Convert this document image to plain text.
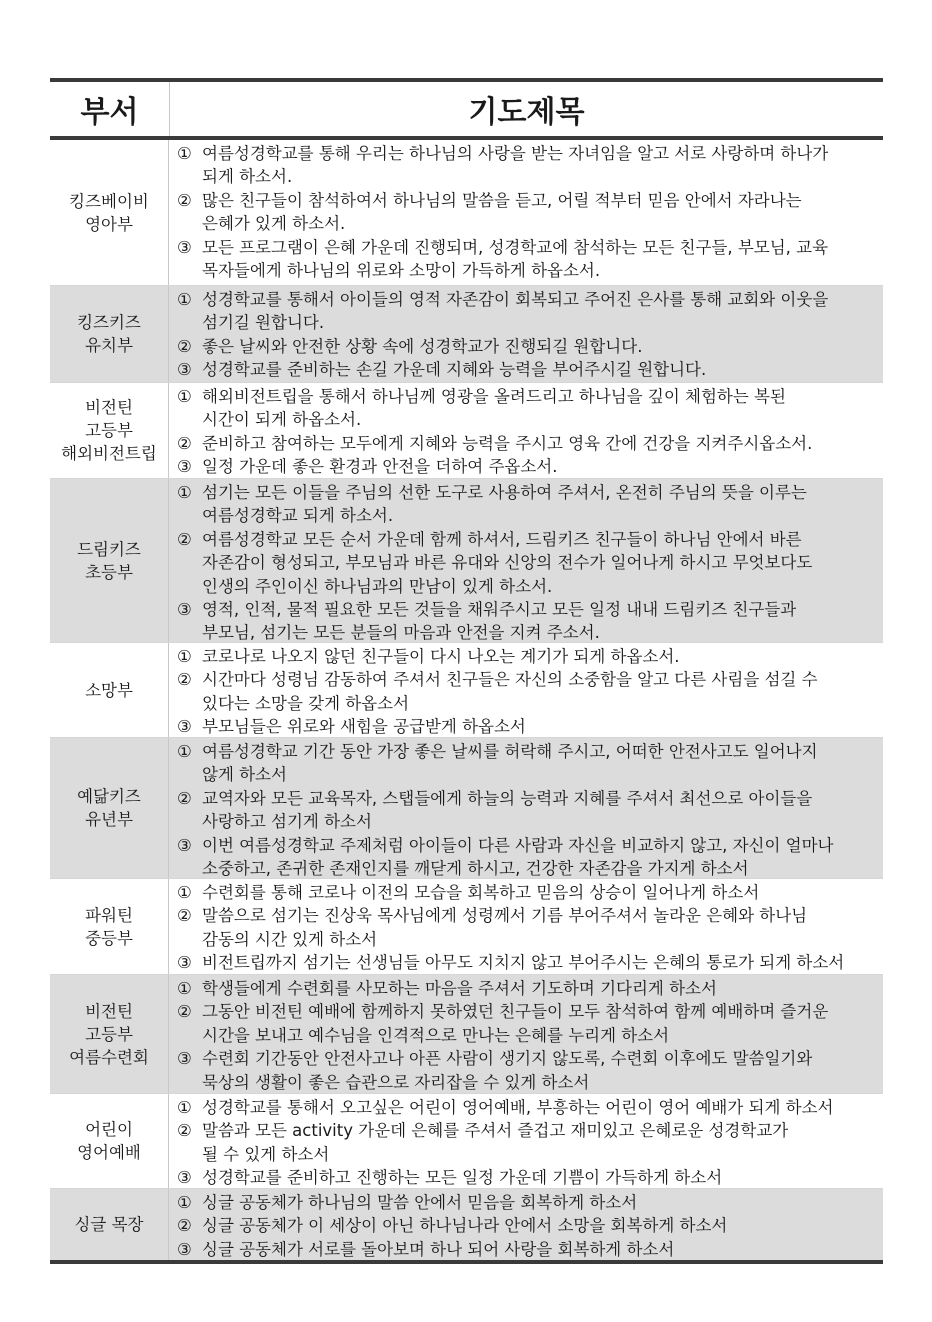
부서	기도제목
킹즈베이비
영아부
① 여름성경학교를 통해 우리는 하나님의 사랑을 받는 자녀임을 알고 서로 사랑하며 하나가
되게 하소서.
② 많은 친구들이 참석하여서 하나님의 말씀을 듣고, 어릴 적부터 믿음 안에서 자라나는
은혜가 있게 하소서.
③ 모든 프로그램이 은혜 가운데 진행되며, 성경학교에 참석하는 모든 친구들, 부모님, 교육
목자들에게 하나님의 위로와 소망이 가득하게 하옵소서.
킹즈키즈
유치부
① 성경학교를 통해서 아이들의 영적 자존감이 회복되고 주어진 은사를 통해 교회와 이웃을
섬기길 원합니다.
② 좋은 날씨와 안전한 상황 속에 성경학교가 진행되길 원합니다.
③ 성경학교를 준비하는 손길 가운데 지혜와 능력을 부어주시길 원합니다.
비전틴
고등부
해외비전트립
① 해외비전트립을 통해서 하나님께 영광을 올려드리고 하나님을 깊이 체험하는 복된
시간이 되게 하옵소서.
② 준비하고 참여하는 모두에게 지혜와 능력을 주시고 영육 간에 건강을 지켜주시옵소서.
③ 일정 가운데 좋은 환경과 안전을 더하여 주옵소서.
드림키즈
초등부
① 섬기는 모든 이들을 주님의 선한 도구로 사용하여 주셔서, 온전히 주님의 뜻을 이루는
여름성경학교 되게 하소서.
② 여름성경학교 모든 순서 가운데 함께 하셔서, 드림키즈 친구들이 하나님 안에서 바른
자존감이 형성되고, 부모님과 바른 유대와 신앙의 전수가 일어나게 하시고 무엇보다도
인생의 주인이신 하나님과의 만남이 있게 하소서.
③ 영적, 인적, 물적 필요한 모든 것들을 채워주시고 모든 일정 내내 드림키즈 친구들과
부모님, 섬기는 모든 분들의 마음과 안전을 지켜 주소서.
소망부
① 코로나로 나오지 않던 친구들이 다시 나오는 계기가 되게 하옵소서.
② 시간마다 성령님 감동하여 주셔서 친구들은 자신의 소중함을 알고 다른 사림을 섬길 수
있다는 소망을 갖게 하옵소서
③ 부모님들은 위로와 새힘을 공급받게 하옵소서
예닮키즈
유년부
① 여름성경학교 기간 동안 가장 좋은 날씨를 허락해 주시고, 어떠한 안전사고도 일어나지
않게 하소서
② 교역자와 모든 교육목자, 스탭들에게 하늘의 능력과 지혜를 주셔서 최선으로 아이들을
사랑하고 섬기게 하소서
③ 이번 여름성경학교 주제처럼 아이들이 다른 사람과 자신을 비교하지 않고, 자신이 얼마나
소중하고, 존귀한 존재인지를 깨닫게 하시고, 건강한 자존감을 가지게 하소서
파워틴
중등부
① 수련회를 통해 코로나 이전의 모습을 회복하고 믿음의 상승이 일어나게 하소서
② 말씀으로 섬기는 진상욱 목사님에게 성령께서 기름 부어주셔서 놀라운 은혜와 하나님
감동의 시간 있게 하소서
③ 비전트립까지 섬기는 선생님들 아무도 지치지 않고 부어주시는 은혜의 통로가 되게 하소서
비전틴
고등부
여름수련회
① 학생들에게 수련회를 사모하는 마음을 주셔서 기도하며 기다리게 하소서
② 그동안 비전틴 예배에 함께하지 못하였던 친구들이 모두 참석하여 함께 예배하며 즐거운
시간을 보내고 예수님을 인격적으로 만나는 은혜를 누리게 하소서
③ 수련회 기간동안 안전사고나 아픈 사람이 생기지 않도록, 수련회 이후에도 말씀일기와
묵상의 생활이 좋은 습관으로 자리잡을 수 있게 하소서
어린이
영어예배
① 성경학교를 통해서 오고싶은 어린이 영어예배, 부흥하는 어린이 영어 예배가 되게 하소서
② 말씀과 모든 activity 가운데 은혜를 주셔서 즐겁고 재미있고 은혜로운 성경학교가
될 수 있게 하소서
③ 성경학교를 준비하고 진행하는 모든 일정 가운데 기쁨이 가득하게 하소서
싱글 목장
① 싱글 공동체가 하나님의 말씀 안에서 믿음을 회복하게 하소서
② 싱글 공동체가 이 세상이 아닌 하나님나라 안에서 소망을 회복하게 하소서
③ 싱글 공동체가 서로를 돌아보며 하나 되어 사랑을 회복하게 하소서
